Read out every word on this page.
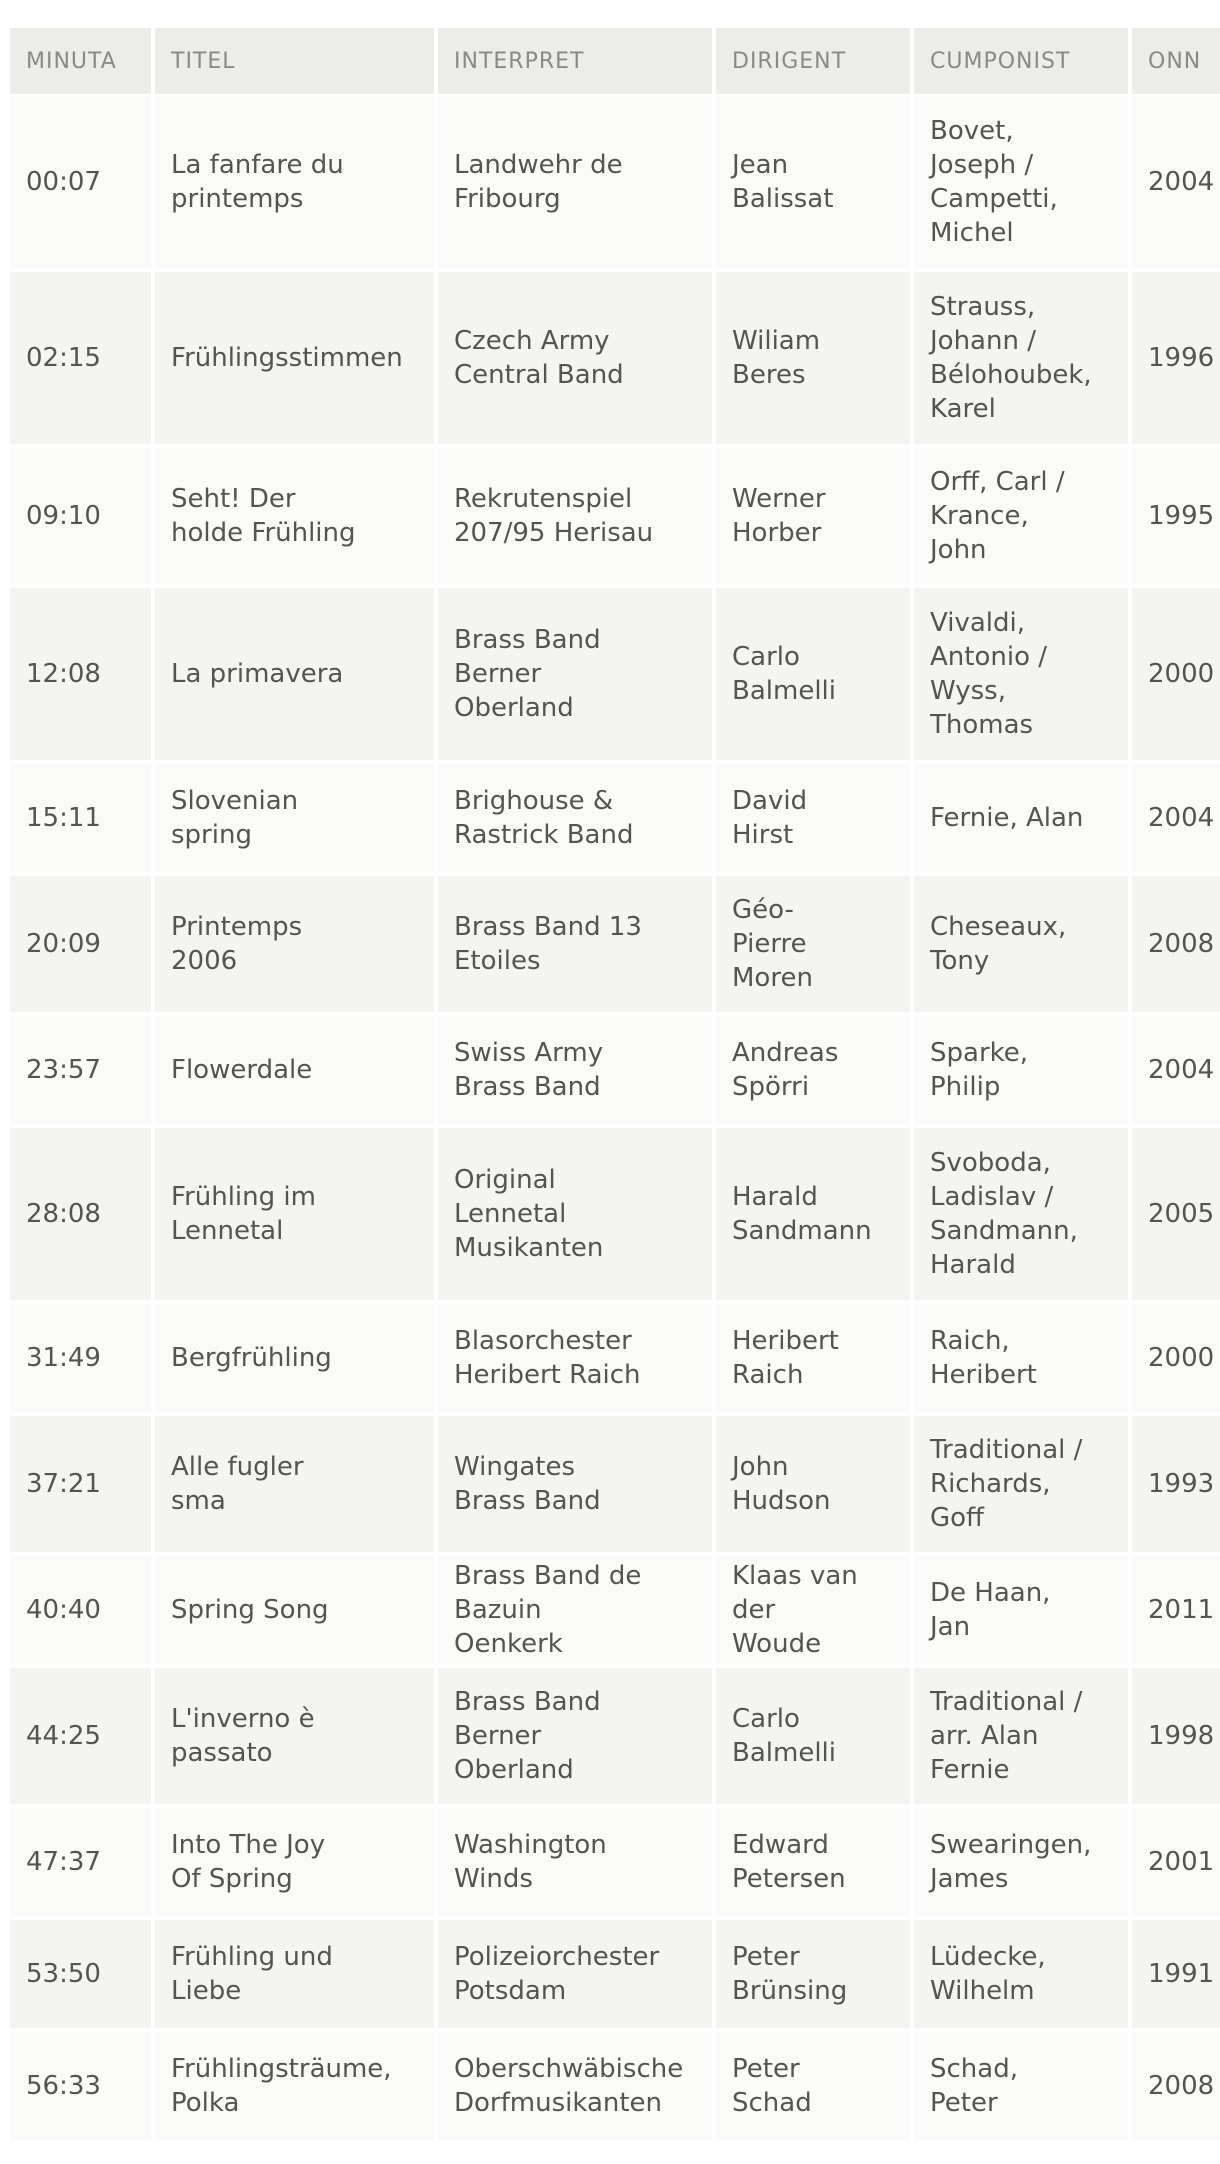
MINUTA	TITEL	INTERPRET	DIRIGENT	CUMPONIST	ONN

00:07	La fanfare du printemps	Landwehr de Fribourg	Jean Balissat	Bovet, Joseph / Campetti, Michel	2004

02:15	Frühlingsstimmen	Czech Army Central Band	Wiliam Beres	Strauss, Johann / Bélohoubek, Karel	1996

09:10	Seht! Der holde Frühling	Rekrutenspiel 207/95 Herisau	Werner Horber	Orff, Carl / Krance, John	1995

12:08	La primavera	Brass Band Berner Oberland	Carlo Balmelli	Vivaldi, Antonio / Wyss, Thomas	2000

15:11	Slovenian spring	Brighouse & Rastrick Band	David Hirst	Fernie, Alan	2004

20:09	Printemps 2006	Brass Band 13 Etoiles	Géo-Pierre Moren	Cheseaux, Tony	2008

23:57	Flowerdale	Swiss Army Brass Band	Andreas Spörri	Sparke, Philip	2004

28:08	Frühling im Lennetal	Original Lennetal Musikanten	Harald Sandmann	Svoboda, Ladislav / Sandmann, Harald	2005

31:49	Bergfrühling	Blasorchester Heribert Raich	Heribert Raich	Raich, Heribert	2000

37:21	Alle fugler sma	Wingates Brass Band	John Hudson	Traditional / Richards, Goff	1993

40:40	Spring Song	Brass Band de Bazuin Oenkerk	Klaas van der Woude	De Haan, Jan	2011

44:25	L'inverno è passato	Brass Band Berner Oberland	Carlo Balmelli	Traditional / arr. Alan Fernie	1998

47:37	Into The Joy Of Spring	Washington Winds	Edward Petersen	Swearingen, James	2001

53:50	Frühling und Liebe	Polizeiorchester Potsdam	Peter Brünsing	Lüdecke, Wilhelm	1991

56:33	Frühlingsträume, Polka	Oberschwäbische Dorfmusikanten	Peter Schad	Schad, Peter	2008
